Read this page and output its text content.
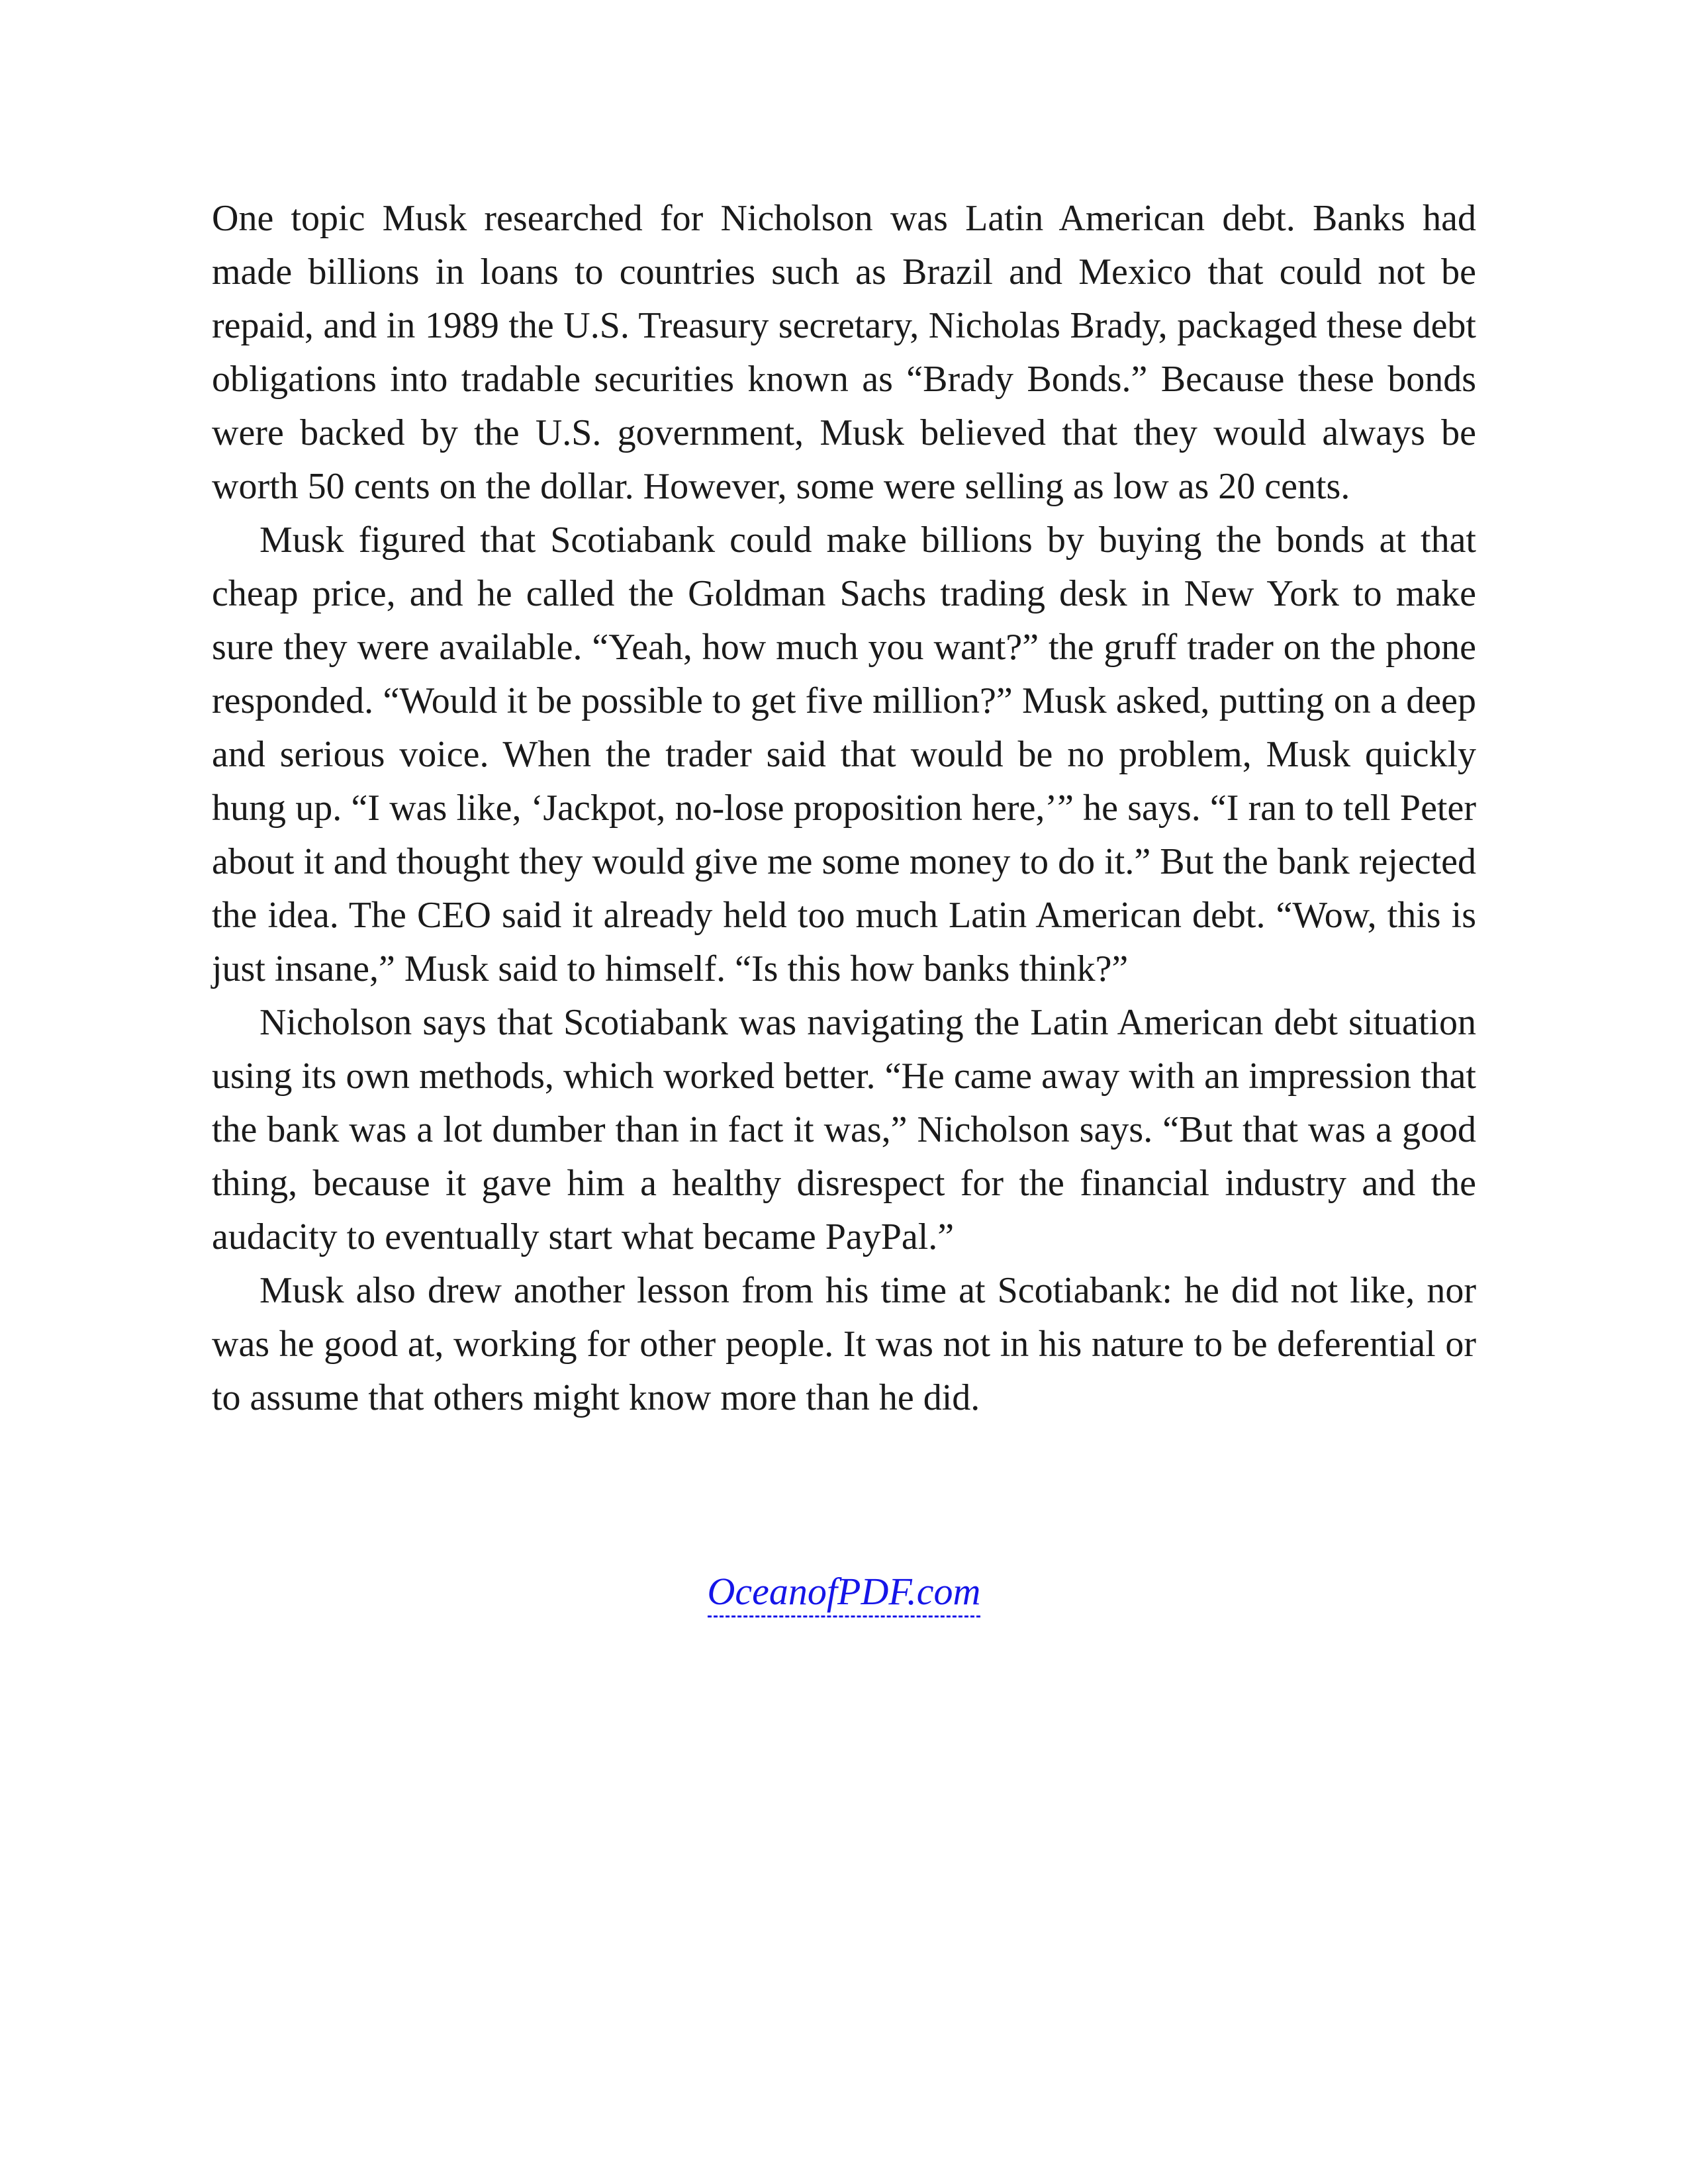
One topic Musk researched for Nicholson was Latin American debt. Banks had made billions in loans to countries such as Brazil and Mexico that could not be repaid, and in 1989 the U.S. Treasury secretary, Nicholas Brady, packaged these debt obligations into tradable securities known as “Brady Bonds.” Because these bonds were backed by the U.S. government, Musk believed that they would always be worth 50 cents on the dollar. However, some were selling as low as 20 cents.

Musk figured that Scotiabank could make billions by buying the bonds at that cheap price, and he called the Goldman Sachs trading desk in New York to make sure they were available. “Yeah, how much you want?” the gruff trader on the phone responded. “Would it be possible to get five million?” Musk asked, putting on a deep and serious voice. When the trader said that would be no problem, Musk quickly hung up. “I was like, ‘Jackpot, no-lose proposition here,’” he says. “I ran to tell Peter about it and thought they would give me some money to do it.” But the bank rejected the idea. The CEO said it already held too much Latin American debt. “Wow, this is just insane,” Musk said to himself. “Is this how banks think?”

Nicholson says that Scotiabank was navigating the Latin American debt situation using its own methods, which worked better. “He came away with an impression that the bank was a lot dumber than in fact it was,” Nicholson says. “But that was a good thing, because it gave him a healthy disrespect for the financial industry and the audacity to eventually start what became PayPal.”

Musk also drew another lesson from his time at Scotiabank: he did not like, nor was he good at, working for other people. It was not in his nature to be deferential or to assume that others might know more than he did.

OceanofPDF.com
